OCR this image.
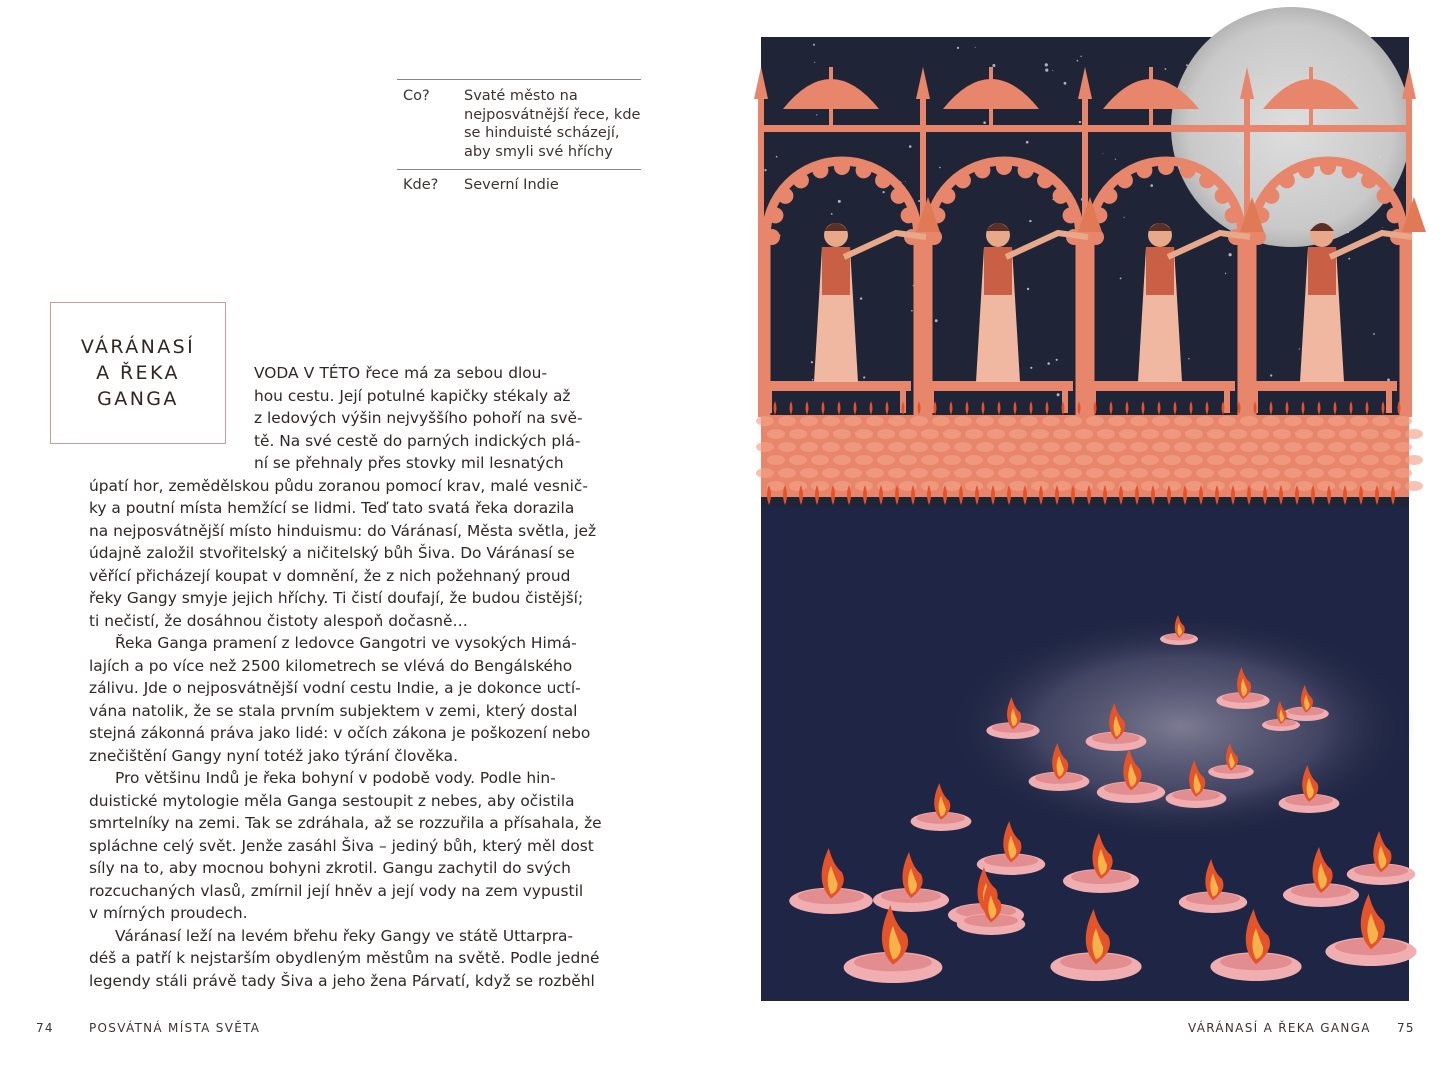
Co?	Svaté město na
nejposvátnější řece, kde
se hinduisté scházejí,
aby smyli své hříchy
Kde?	Severní Indie
VÁRÁNASÍ
A ŘEKA
GANGA
VODA V TÉTO řece má za sebou dlou-
hou cestu. Její potulné kapičky stékaly až
z ledových výšin nejvyššího pohoří na svě-
tě. Na své cestě do parných indických plá-
ní se přehnaly přes stovky mil lesnatých
úpatí hor, zemědělskou půdu zoranou pomocí krav, malé vesnič-
ky a poutní místa hemžící se lidmi. Teď tato svatá řeka dorazila
na nejposvátnější místo hinduismu: do Váránasí, Města světla, jež
údajně založil stvořitelský a ničitelský bůh Šiva. Do Váránasí se
věřící přicházejí koupat v domnění, že z nich požehnaný proud
řeky Gangy smyje jejich hříchy. Ti čistí doufají, že budou čistější;
ti nečistí, že dosáhnou čistoty alespoň dočasně…
Řeka Ganga pramení z ledovce Gangotri ve vysokých Himá-
lajích a po více než 2500 kilometrech se vlévá do Bengálského
zálivu. Jde o nejposvátnější vodní cestu Indie, a je dokonce uctí-
vána natolik, že se stala prvním subjektem v zemi, který dostal
stejná zákonná práva jako lidé: v očích zákona je poškození nebo
znečištění Gangy nyní totéž jako týrání člověka.
Pro většinu Indů je řeka bohyní v podobě vody. Podle hin-
duistické mytologie měla Ganga sestoupit z nebes, aby očistila
smrtelníky na zemi. Tak se zdráhala, až se rozzuřila a přísahala, že
spláchne celý svět. Jenže zasáhl Šiva – jediný bůh, který měl dost
síly na to, aby mocnou bohyni zkrotil. Gangu zachytil do svých
rozcuchaných vlasů, zmírnil její hněv a její vody na zem vypustil
v mírných proudech.
Váránasí leží na levém břehu řeky Gangy ve státě Uttarpra-
déš a patří k nejstarším obydleným městům na světě. Podle jedné
legendy stáli právě tady Šiva a jeho žena Párvatí, když se rozběhl
74	POSVÁTNÁ MÍSTA SVĚTA	VÁRÁNASÍ A ŘEKA GANGA 75
